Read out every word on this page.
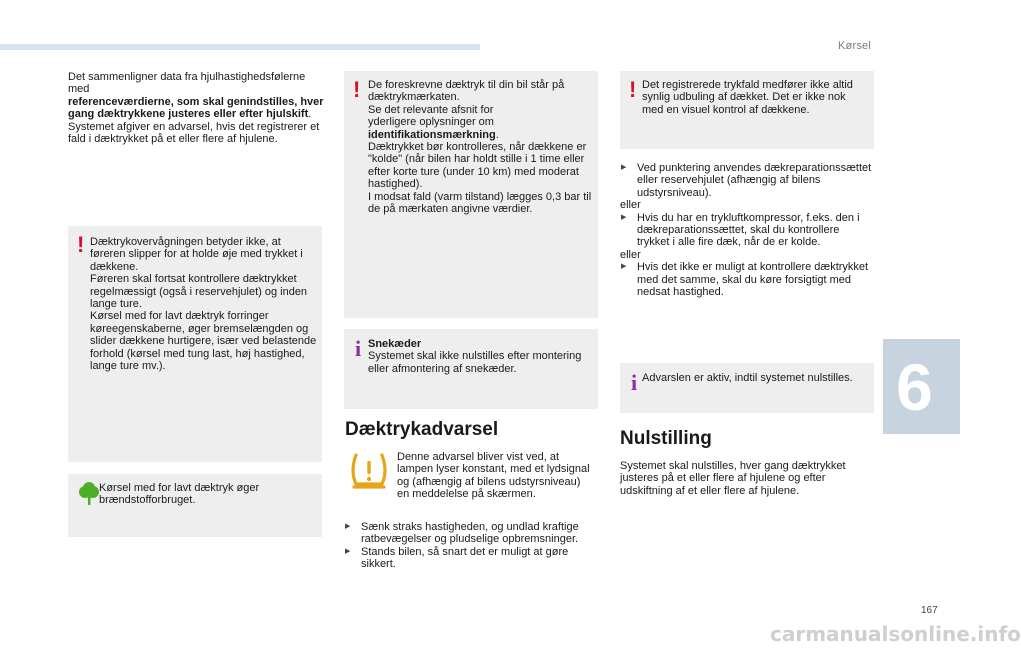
Kørsel
Det sammenligner data fra hjulhastighedsfølerne med
referenceværdierne, som skal genindstilles, hver gang dæktrykkene justeres eller efter hjulskift.
Systemet afgiver en advarsel, hvis det registrerer et fald i dæktrykket på et eller flere af hjulene.
! Dæktrykovervågningen betyder ikke, at føreren slipper for at holde øje med trykket i dækkene.
Føreren skal fortsat kontrollere dæktrykket regelmæssigt (også i reservehjulet) og inden lange ture.
Kørsel med for lavt dæktryk forringer køreegenskaberne, øger bremselængden og slider dækkene hurtigere, især ved belastende forhold (kørsel med tung last, høj hastighed, lange ture mv.).
Kørsel med for lavt dæktryk øger brændstofforbruget.
! De foreskrevne dæktryk til din bil står på dæktrykmærkaten.
Se det relevante afsnit for
yderligere oplysninger om identifikationsmærkning.
Dæktrykket bør kontrolleres, når dækkene er "kolde" (når bilen har holdt stille i 1 time eller efter korte ture (under 10 km) med moderat hastighed).
I modsat fald (varm tilstand) lægges 0,3 bar til de på mærkaten angivne værdier.
i Snekæder
Systemet skal ikke nulstilles efter montering eller afmontering af snekæder.
Dæktrykadvarsel
Denne advarsel bliver vist ved, at lampen lyser konstant, med et lydsignal og (afhængig af bilens udstyrsniveau) en meddelelse på skærmen.
▶ Sænk straks hastigheden, og undlad kraftige ratbevægelser og pludselige opbremsninger.
▶ Stands bilen, så snart det er muligt at gøre sikkert.
! Det registrerede trykfald medfører ikke altid synlig udbuling af dækket. Det er ikke nok med en visuel kontrol af dækkene.
▶ Ved punktering anvendes dækreparationssættet eller reservehjulet (afhængig af bilens udstyrsniveau).
eller
▶ Hvis du har en trykluftkompressor, f.eks. den i dækreparationssættet, skal du kontrollere trykket i alle fire dæk, når de er kolde.
eller
▶ Hvis det ikke er muligt at kontrollere dæktrykket med det samme, skal du køre forsigtigt med nedsat hastighed.
i Advarslen er aktiv, indtil systemet nulstilles.
Nulstilling
Systemet skal nulstilles, hver gang dæktrykket justeres på et eller flere af hjulene og efter udskiftning af et eller flere af hjulene.
6
167
carmanualsonline.info
